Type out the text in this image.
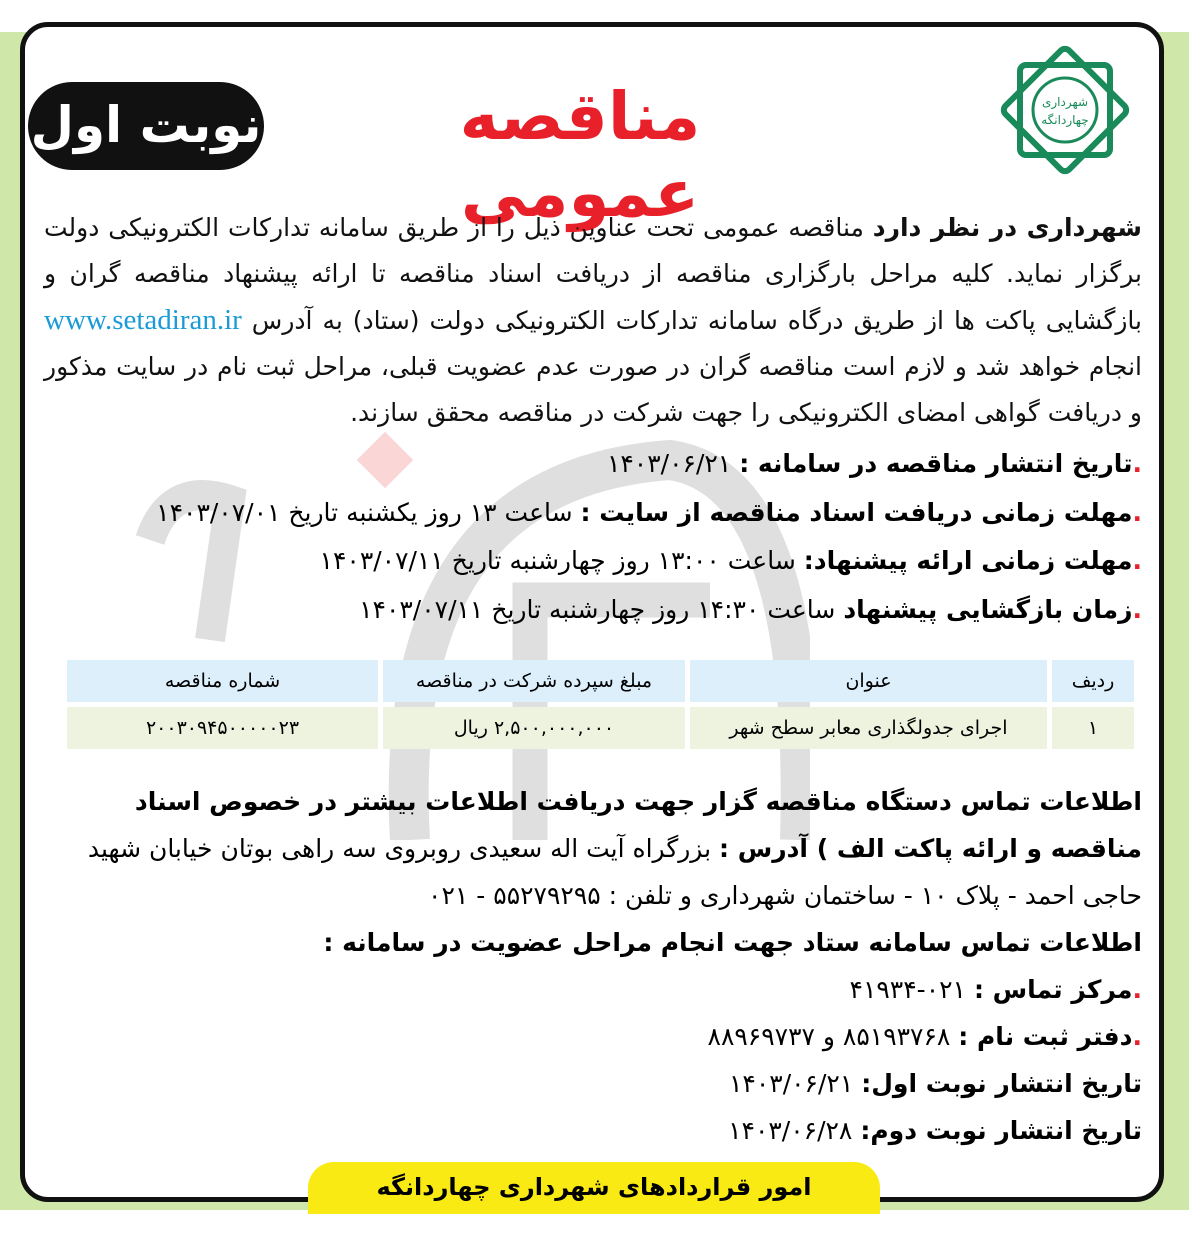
شهرداری
چهاردانگه
مناقصه عمومی
نوبت اول
شهرداری در نظر دارد مناقصه عمومی تحت عناوین ذیل را از طریق سامانه تدارکات الکترونیکی دولت برگزار نماید. کلیه مراحل بارگزاری مناقصه از دریافت اسناد مناقصه تا ارائه پیشنهاد مناقصه گران و بازگشایی پاکت ها از طریق درگاه سامانه تدارکات الکترونیکی دولت (ستاد) به آدرس www.setadiran.ir انجام خواهد شد و لازم است مناقصه گران در صورت عدم عضویت قبلی، مراحل ثبت نام در سایت مذکور و دریافت گواهی امضای الکترونیکی را جهت شرکت در مناقصه محقق سازند.
.تاریخ انتشار مناقصه در سامانه : ۱۴۰۳/۰۶/۲۱
.مهلت زمانی دریافت اسناد مناقصه از سایت : ساعت ۱۳ روز یکشنبه تاریخ ۱۴۰۳/۰۷/۰۱
.مهلت زمانی ارائه پیشنهاد: ساعت ۱۳:۰۰ روز چهارشنبه تاریخ ۱۴۰۳/۰۷/۱۱
.زمان بازگشایی پیشنهاد ساعت ۱۴:۳۰ روز چهارشنبه تاریخ ۱۴۰۳/۰۷/۱۱
ردیف	عنوان	مبلغ سپرده شرکت در مناقصه	شماره مناقصه
۱	اجرای جدولگذاری معابر سطح شهر	۲,۵۰۰,۰۰۰,۰۰۰ ریال	۲۰۰۳۰۹۴۵۰۰۰۰۰۲۳
اطلاعات تماس دستگاه مناقصه گزار جهت دریافت اطلاعات بیشتر در خصوص اسناد مناقصه و ارائه پاکت الف ) آدرس : بزرگراه آیت اله سعیدی روبروی سه راهی بوتان خیابان شهید حاجی احمد - پلاک ۱۰ - ساختمان شهرداری و تلفن : ۵۵۲۷۹۲۹۵ - ۰۲۱
اطلاعات تماس سامانه ستاد جهت انجام مراحل عضویت در سامانه :
.مرکز تماس : ۰۲۱-۴۱۹۳۴
.دفتر ثبت نام : ۸۵۱۹۳۷۶۸ و ۸۸۹۶۹۷۳۷
تاریخ انتشار نوبت اول: ۱۴۰۳/۰۶/۲۱
تاریخ انتشار نوبت دوم: ۱۴۰۳/۰۶/۲۸
امور قراردادهای شهرداری چهاردانگه
